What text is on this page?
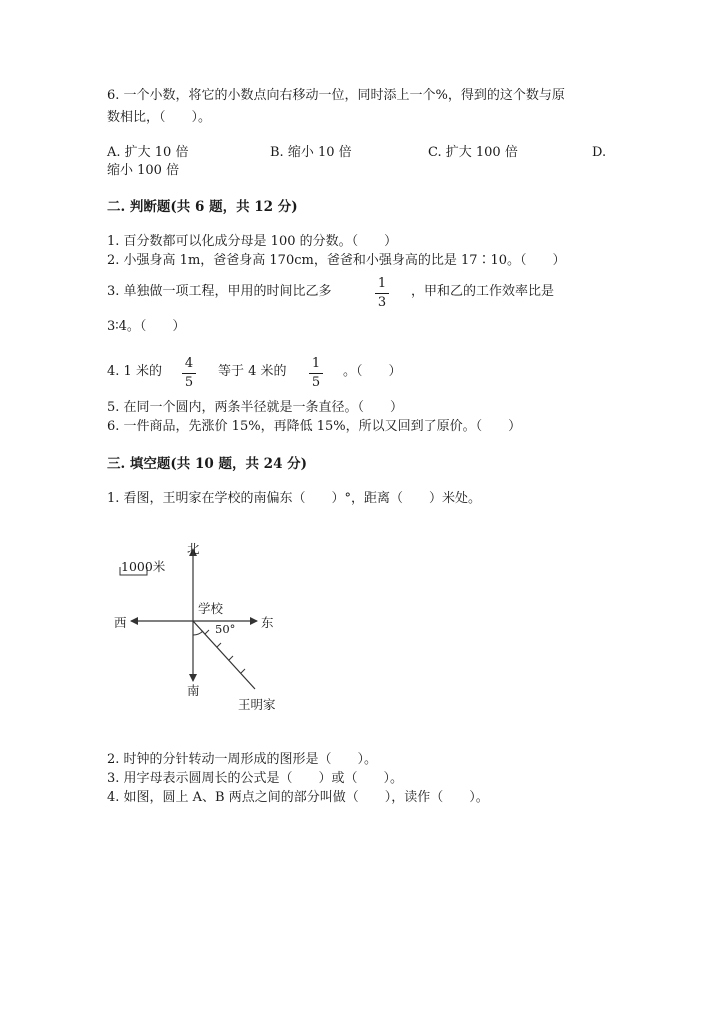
6. 一个小数，将它的小数点向右移动一位，同时添上一个%，得到的这个数与原
数相比，（　　）。
A. 扩大 10 倍	B. 缩小 10 倍	C. 扩大 100 倍	D.
缩小 100 倍
二. 判断题(共 6 题，共 12 分)
1. 百分数都可以化成分母是 100 的分数。（　　）
2. 小强身高 1m，爸爸身高 170cm，爸爸和小强身高的比是 17∶10。（　　）
3. 单独做一项工程，甲用的时间比乙多
1
3
，甲和乙的工作效率比是
3∶4。（　　）
4. 1 米的
4
5
等于 4 米的
1
5
。（　　）
5. 在同一个圆内，两条半径就是一条直径。（　　）
6. 一件商品，先涨价 15%，再降低 15%，所以又回到了原价。（　　）
三. 填空题(共 10 题，共 24 分)
1. 看图，王明家在学校的南偏东（　　）°，距离（　　）米处。
北
南
东
西
学校
50°
王明家
1000米
2. 时钟的分针转动一周形成的图形是（　　）。
3. 用字母表示圆周长的公式是（　　）或（　　）。
4. 如图，圆上 A、B 两点之间的部分叫做（　　），读作（　　）。
